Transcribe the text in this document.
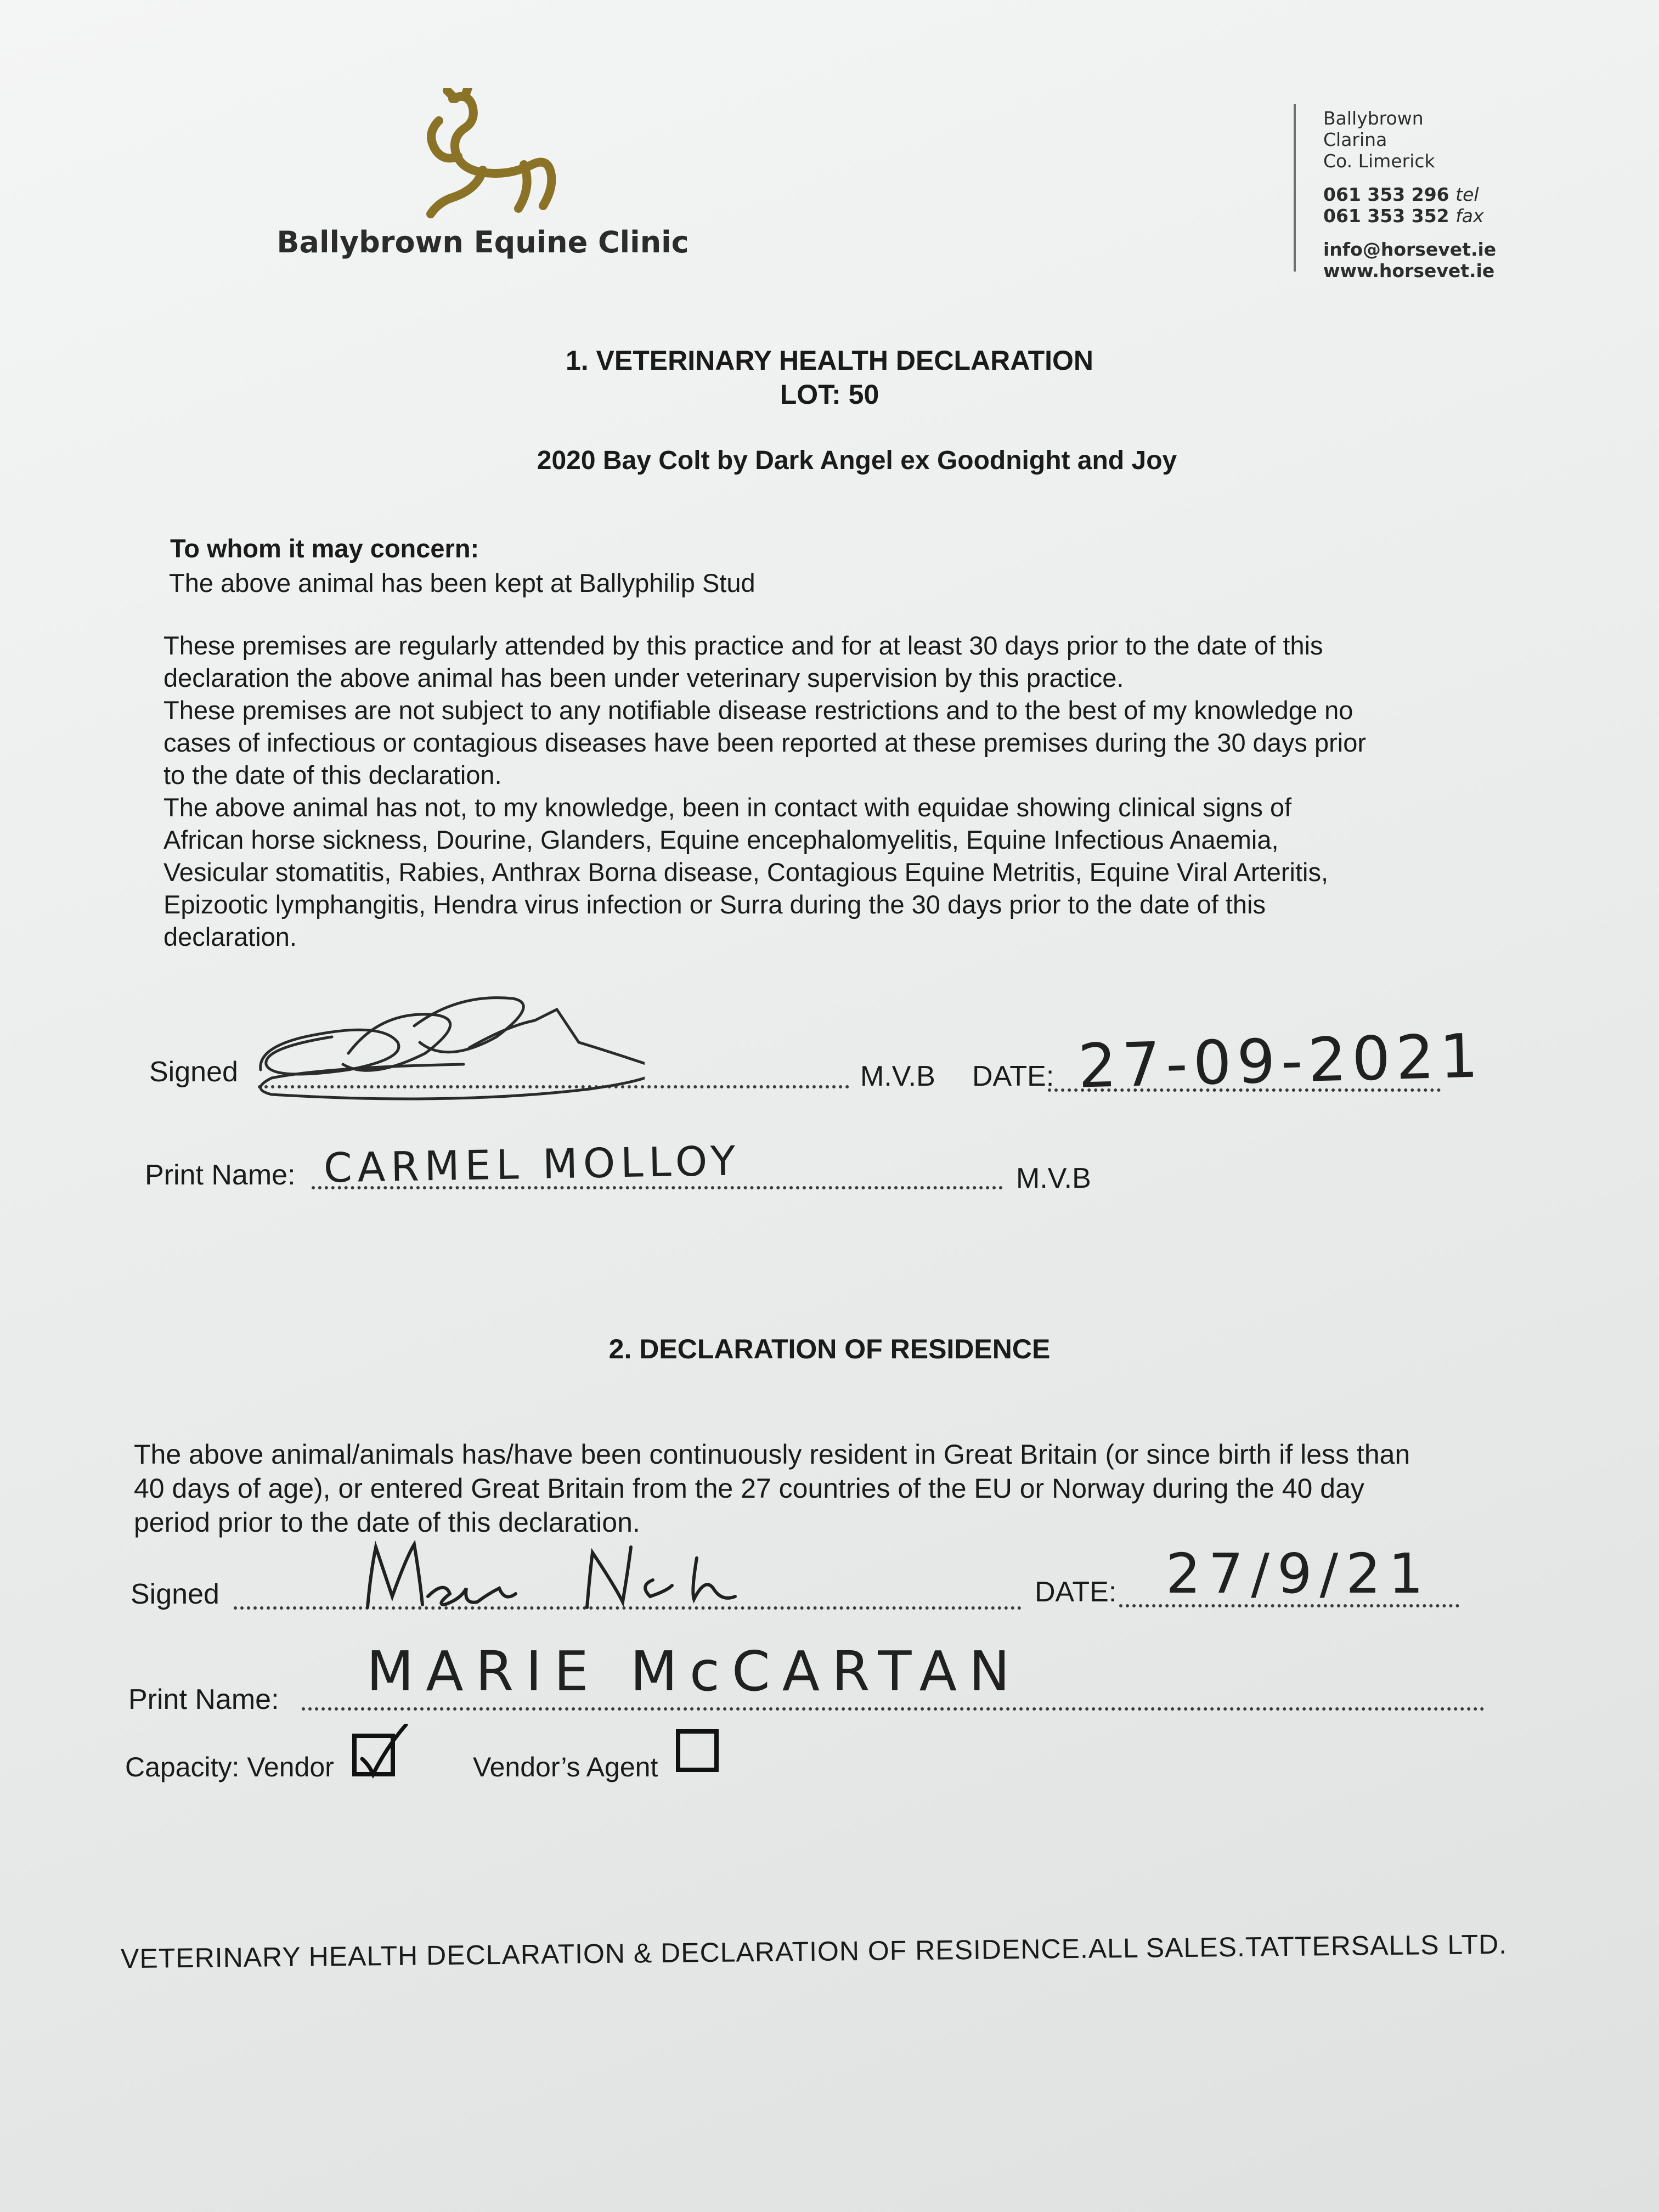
Ballybrown Equine Clinic
Ballybrown
Clarina
Co. Limerick
061 353 296 tel
061 353 352 fax
info@horsevet.ie
www.horsevet.ie
1. VETERINARY HEALTH DECLARATION
LOT: 50
2020 Bay Colt by Dark Angel ex Goodnight and Joy
To whom it may concern:
The above animal has been kept at Ballyphilip Stud
These premises are regularly attended by this practice and for at least 30 days prior to the date of this
declaration the above animal has been under veterinary supervision by this practice.
These premises are not subject to any notifiable disease restrictions and to the best of my knowledge no
cases of infectious or contagious diseases have been reported at these premises during the 30 days prior
to the date of this declaration.
The above animal has not, to my knowledge, been in contact with equidae showing clinical signs of
African horse sickness, Dourine, Glanders, Equine encephalomyelitis, Equine Infectious Anaemia,
Vesicular stomatitis, Rabies, Anthrax Borna disease, Contagious Equine Metritis, Equine Viral Arteritis,
Epizootic lymphangitis, Hendra virus infection or Surra during the 30 days prior to the date of this
declaration.
Signed	M.V.B DATE: 27-09-2021
Print Name: CARMEL MOLLOY	M.V.B
2. DECLARATION OF RESIDENCE
The above animal/animals has/have been continuously resident in Great Britain (or since birth if less than
40 days of age), or entered Great Britain from the 27 countries of the EU or Norway during the 40 day
period prior to the date of this declaration.
Signed	DATE: 27/9/21
Print Name: MARIE McCARTAN
Capacity: Vendor	Vendor’s Agent
VETERINARY HEALTH DECLARATION & DECLARATION OF RESIDENCE.ALL SALES.TATTERSALLS LTD.
